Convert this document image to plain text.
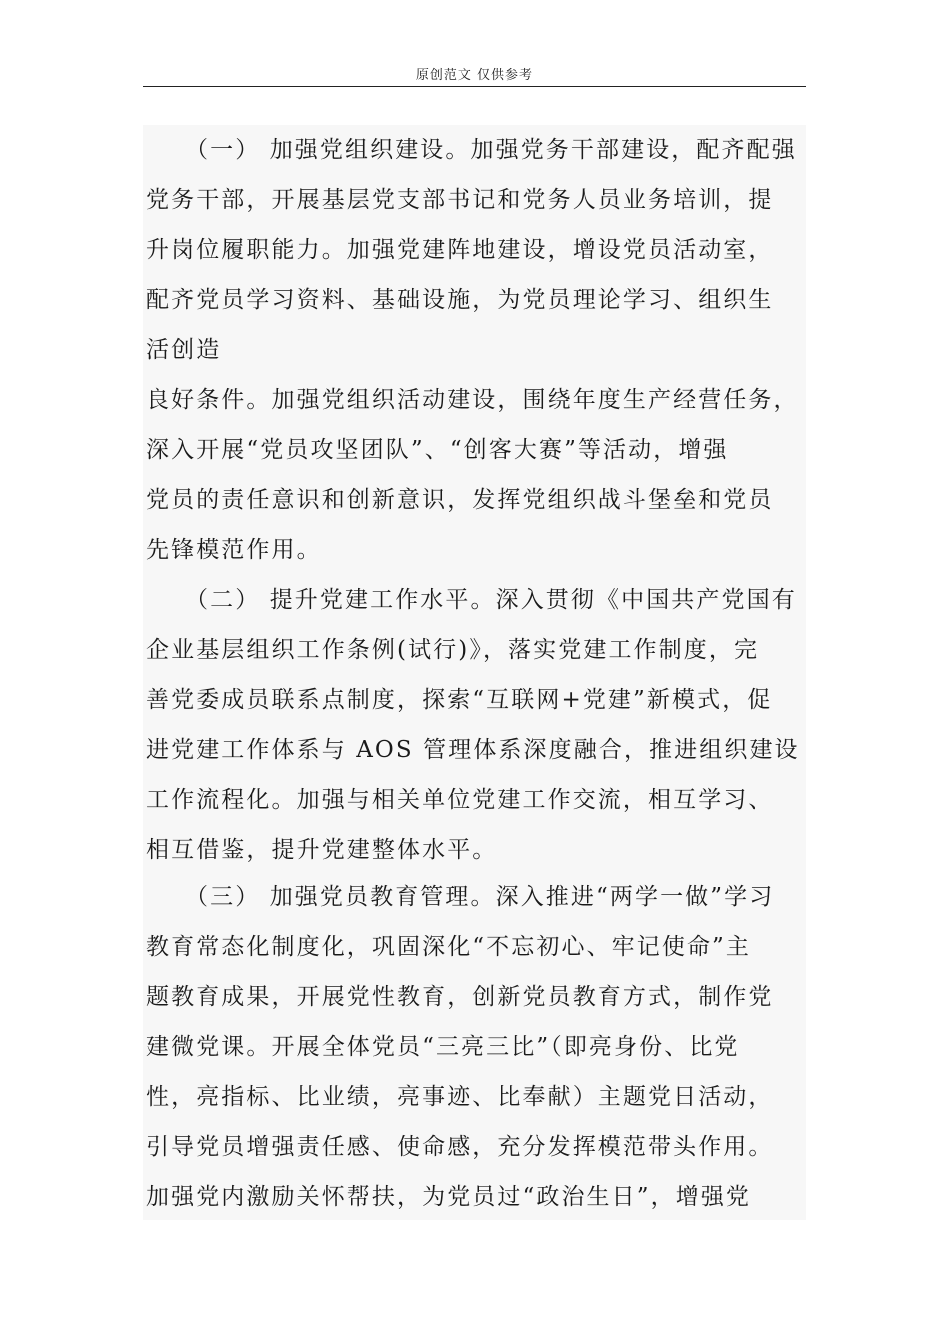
原创范文 仅供参考
（一） 加强党组织建设。加强党务干部建设，配齐配强
党务干部，开展基层党支部书记和党务人员业务培训，提
升岗位履职能力。加强党建阵地建设，增设党员活动室，
配齐党员学习资料、基础设施，为党员理论学习、组织生
活创造
良好条件。加强党组织活动建设，围绕年度生产经营任务，
深入开展“党员攻坚团队”、“创客大赛”等活动，增强
党员的责任意识和创新意识，发挥党组织战斗堡垒和党员
先锋模范作用。
（二） 提升党建工作水平。深入贯彻《中国共产党国有
企业基层组织工作条例(试行)》，落实党建工作制度，完
善党委成员联系点制度，探索“互联网+党建”新模式，促
进党建工作体系与 AOS 管理体系深度融合，推进组织建设
工作流程化。加强与相关单位党建工作交流，相互学习、
相互借鉴，提升党建整体水平。
（三） 加强党员教育管理。深入推进“两学一做”学习
教育常态化制度化，巩固深化“不忘初心、牢记使命”主
题教育成果，开展党性教育，创新党员教育方式，制作党
建微党课。开展全体党员“三亮三比”（即亮身份、比党
性，亮指标、比业绩，亮事迹、比奉献）主题党日活动，
引导党员增强责任感、使命感，充分发挥模范带头作用。
加强党内激励关怀帮扶，为党员过“政治生日”，增强党
